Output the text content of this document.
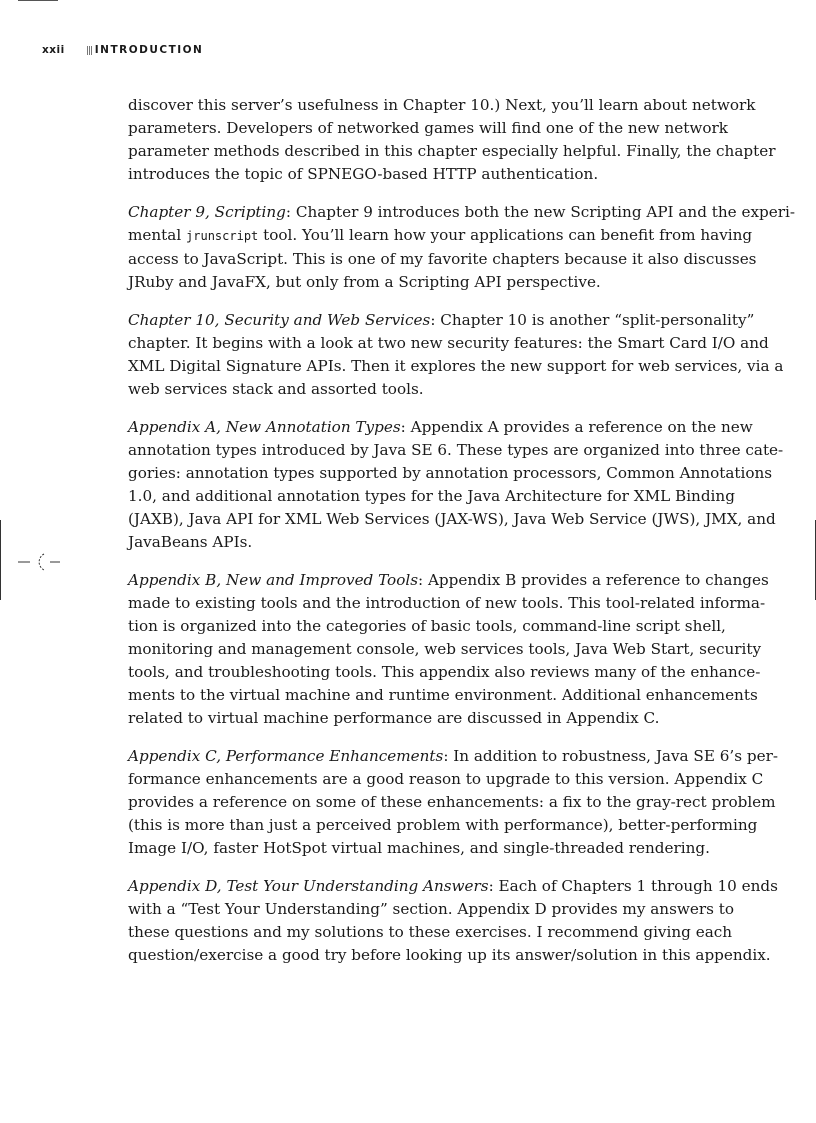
xxii	INTRODUCTION

discover this server’s usefulness in Chapter 10.) Next, you’ll learn about network
parameters. Developers of networked games will find one of the new network
parameter methods described in this chapter especially helpful. Finally, the chapter
introduces the topic of SPNEGO-based HTTP authentication.

Chapter 9, Scripting: Chapter 9 introduces both the new Scripting API and the experi-
mental jrunscript tool. You’ll learn how your applications can benefit from having
access to JavaScript. This is one of my favorite chapters because it also discusses
JRuby and JavaFX, but only from a Scripting API perspective.

Chapter 10, Security and Web Services: Chapter 10 is another “split-personality”
chapter. It begins with a look at two new security features: the Smart Card I/O and
XML Digital Signature APIs. Then it explores the new support for web services, via a
web services stack and assorted tools.

Appendix A, New Annotation Types: Appendix A provides a reference on the new
annotation types introduced by Java SE 6. These types are organized into three cate-
gories: annotation types supported by annotation processors, Common Annotations
1.0, and additional annotation types for the Java Architecture for XML Binding
(JAXB), Java API for XML Web Services (JAX-WS), Java Web Service (JWS), JMX, and
JavaBeans APIs.

Appendix B, New and Improved Tools: Appendix B provides a reference to changes
made to existing tools and the introduction of new tools. This tool-related informa-
tion is organized into the categories of basic tools, command-line script shell,
monitoring and management console, web services tools, Java Web Start, security
tools, and troubleshooting tools. This appendix also reviews many of the enhance-
ments to the virtual machine and runtime environment. Additional enhancements
related to virtual machine performance are discussed in Appendix C.

Appendix C, Performance Enhancements: In addition to robustness, Java SE 6’s per-
formance enhancements are a good reason to upgrade to this version. Appendix C
provides a reference on some of these enhancements: a fix to the gray-rect problem
(this is more than just a perceived problem with performance), better-performing
Image I/O, faster HotSpot virtual machines, and single-threaded rendering.

Appendix D, Test Your Understanding Answers: Each of Chapters 1 through 10 ends
with a “Test Your Understanding” section. Appendix D provides my answers to
these questions and my solutions to these exercises. I recommend giving each
question/exercise a good try before looking up its answer/solution in this appendix.
